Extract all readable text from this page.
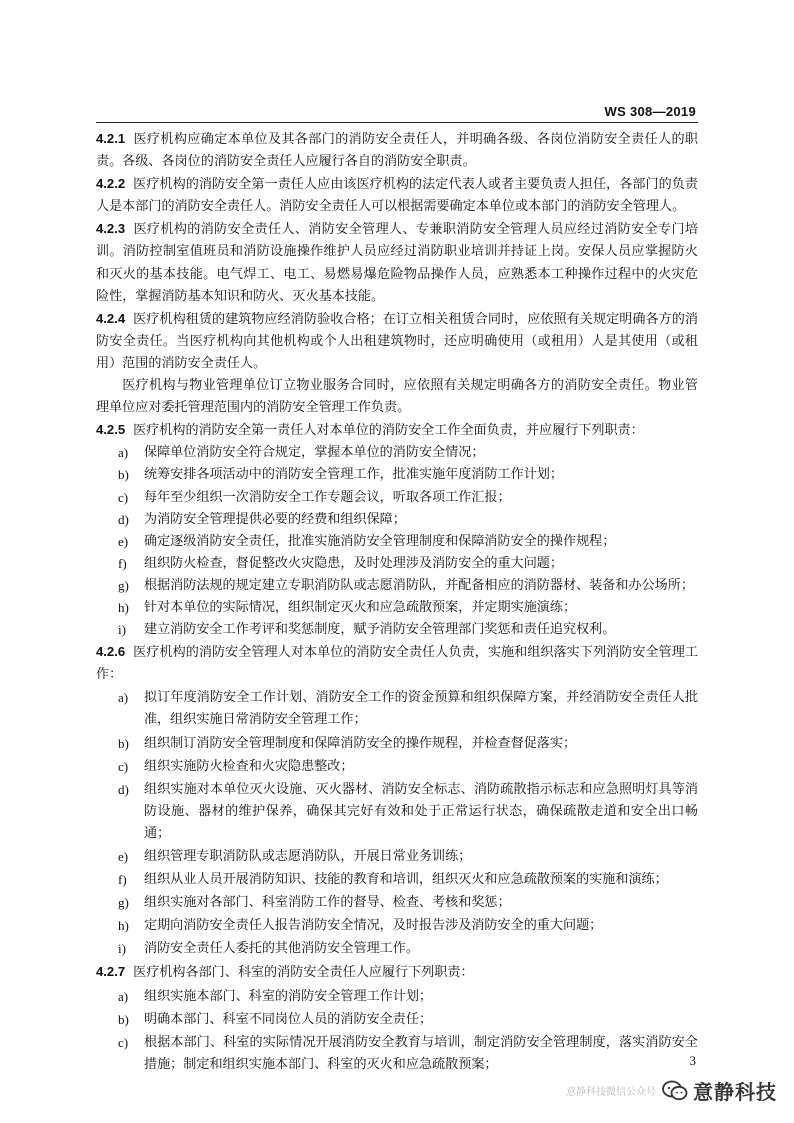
WS 308—2019

4.2.1 医疗机构应确定本单位及其各部门的消防安全责任人，并明确各级、各岗位消防安全责任人的职责。各级、各岗位的消防安全责任人应履行各自的消防安全职责。

4.2.2 医疗机构的消防安全第一责任人应由该医疗机构的法定代表人或者主要负责人担任，各部门的负责人是本部门的消防安全责任人。消防安全责任人可以根据需要确定本单位或本部门的消防安全管理人。

4.2.3 医疗机构的消防安全责任人、消防安全管理人、专兼职消防安全管理人员应经过消防安全专门培训。消防控制室值班员和消防设施操作维护人员应经过消防职业培训并持证上岗。安保人员应掌握防火和灭火的基本技能。电气焊工、电工、易燃易爆危险物品操作人员，应熟悉本工种操作过程中的火灾危险性，掌握消防基本知识和防火、灭火基本技能。

4.2.4 医疗机构租赁的建筑物应经消防验收合格；在订立相关租赁合同时，应依照有关规定明确各方的消防安全责任。当医疗机构向其他机构或个人出租建筑物时，还应明确使用（或租用）人是其使用（或租用）范围的消防安全责任人。

医疗机构与物业管理单位订立物业服务合同时，应依照有关规定明确各方的消防安全责任。物业管理单位应对委托管理范围内的消防安全管理工作负责。

4.2.5 医疗机构的消防安全第一责任人对本单位的消防安全工作全面负责，并应履行下列职责：

a)	保障单位消防安全符合规定，掌握本单位的消防安全情况；
b)	统筹安排各项活动中的消防安全管理工作，批准实施年度消防工作计划；
c)	每年至少组织一次消防安全工作专题会议，听取各项工作汇报；
d)	为消防安全管理提供必要的经费和组织保障；
e)	确定逐级消防安全责任，批准实施消防安全管理制度和保障消防安全的操作规程；
f)	组织防火检查，督促整改火灾隐患，及时处理涉及消防安全的重大问题；
g)	根据消防法规的规定建立专职消防队或志愿消防队，并配备相应的消防器材、装备和办公场所；
h)	针对本单位的实际情况，组织制定灭火和应急疏散预案，并定期实施演练；
i)	建立消防安全工作考评和奖惩制度，赋予消防安全管理部门奖惩和责任追究权利。

4.2.6 医疗机构的消防安全管理人对本单位的消防安全责任人负责，实施和组织落实下列消防安全管理工作：

a)	拟订年度消防安全工作计划、消防安全工作的资金预算和组织保障方案，并经消防安全责任人批准，组织实施日常消防安全管理工作；
b)	组织制订消防安全管理制度和保障消防安全的操作规程，并检查督促落实；
c)	组织实施防火检查和火灾隐患整改；
d)	组织实施对本单位灭火设施、灭火器材、消防安全标志、消防疏散指示标志和应急照明灯具等消防设施、器材的维护保养，确保其完好有效和处于正常运行状态，确保疏散走道和安全出口畅通；
e)	组织管理专职消防队或志愿消防队，开展日常业务训练；
f)	组织从业人员开展消防知识、技能的教育和培训，组织灭火和应急疏散预案的实施和演练；
g)	组织实施对各部门、科室消防工作的督导、检查、考核和奖惩；
h)	定期向消防安全责任人报告消防安全情况，及时报告涉及消防安全的重大问题；
i)	消防安全责任人委托的其他消防安全管理工作。

4.2.7 医疗机构各部门、科室的消防安全责任人应履行下列职责：

a)	组织实施本部门、科室的消防安全管理工作计划；
b)	明确本部门、科室不同岗位人员的消防安全责任；
c)	根据本部门、科室的实际情况开展消防安全教育与培训，制定消防安全管理制度，落实消防安全措施；制定和组织实施本部门、科室的灭火和应急疏散预案；	3
意静科技微信公众号 意静科技
